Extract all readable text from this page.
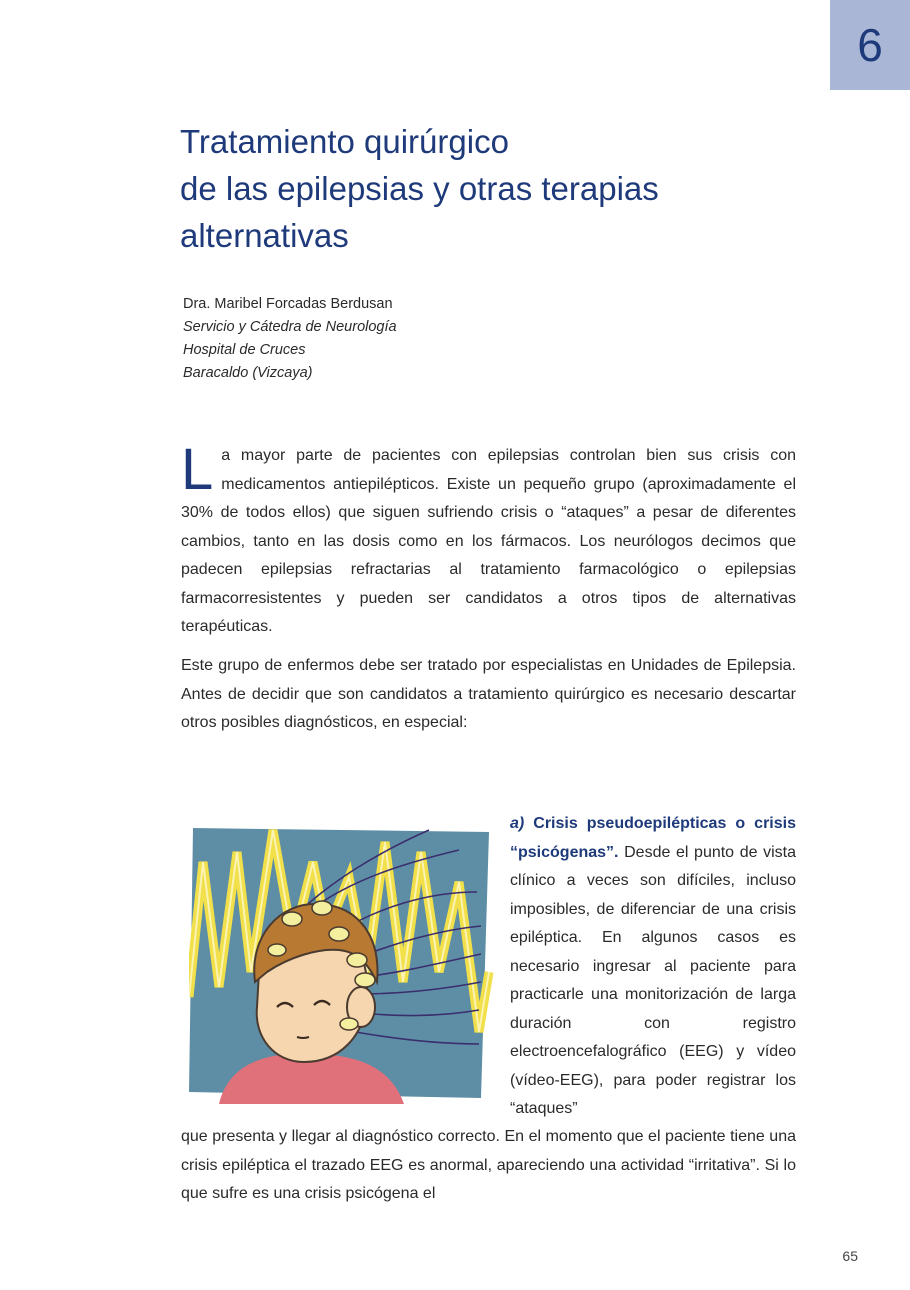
6
Tratamiento quirúrgico
de las epilepsias y otras terapias
alternativas
Dra. Maribel Forcadas Berdusan
Servicio y Cátedra de Neurología
Hospital de Cruces
Baracaldo (Vizcaya)

La mayor parte de pacientes con epilepsias controlan bien sus crisis con medicamentos antiepilépticos. Existe un pequeño grupo (aproximadamente el 30% de todos ellos) que siguen sufriendo crisis o “ataques” a pesar de diferentes cambios, tanto en las dosis como en los fármacos. Los neurólogos decimos que padecen epilepsias refractarias al tratamiento farmacológico o epilepsias farmacorresistentes y pueden ser candidatos a otros tipos de alternativas terapéuticas.

Este grupo de enfermos debe ser tratado por especialistas en Unidades de Epilepsia. Antes de decidir que son candidatos a tratamiento quirúrgico es necesario descartar otros posibles diagnósticos, en especial:

a) Crisis pseudoepilépticas o crisis “psicógenas”. Desde el punto de vista clínico a veces son difíciles, incluso imposibles, de diferenciar de una crisis epiléptica. En algunos casos es necesario ingresar al paciente para practicarle una monitorización de larga duración con registro electroencefalográfico (EEG) y vídeo (vídeo-EEG), para poder registrar los “ataques”

que presenta y llegar al diagnóstico correcto. En el momento que el paciente tiene una crisis epiléptica el trazado EEG es anormal, apareciendo una actividad “irritativa”. Si lo que sufre es una crisis psicógena el

65
